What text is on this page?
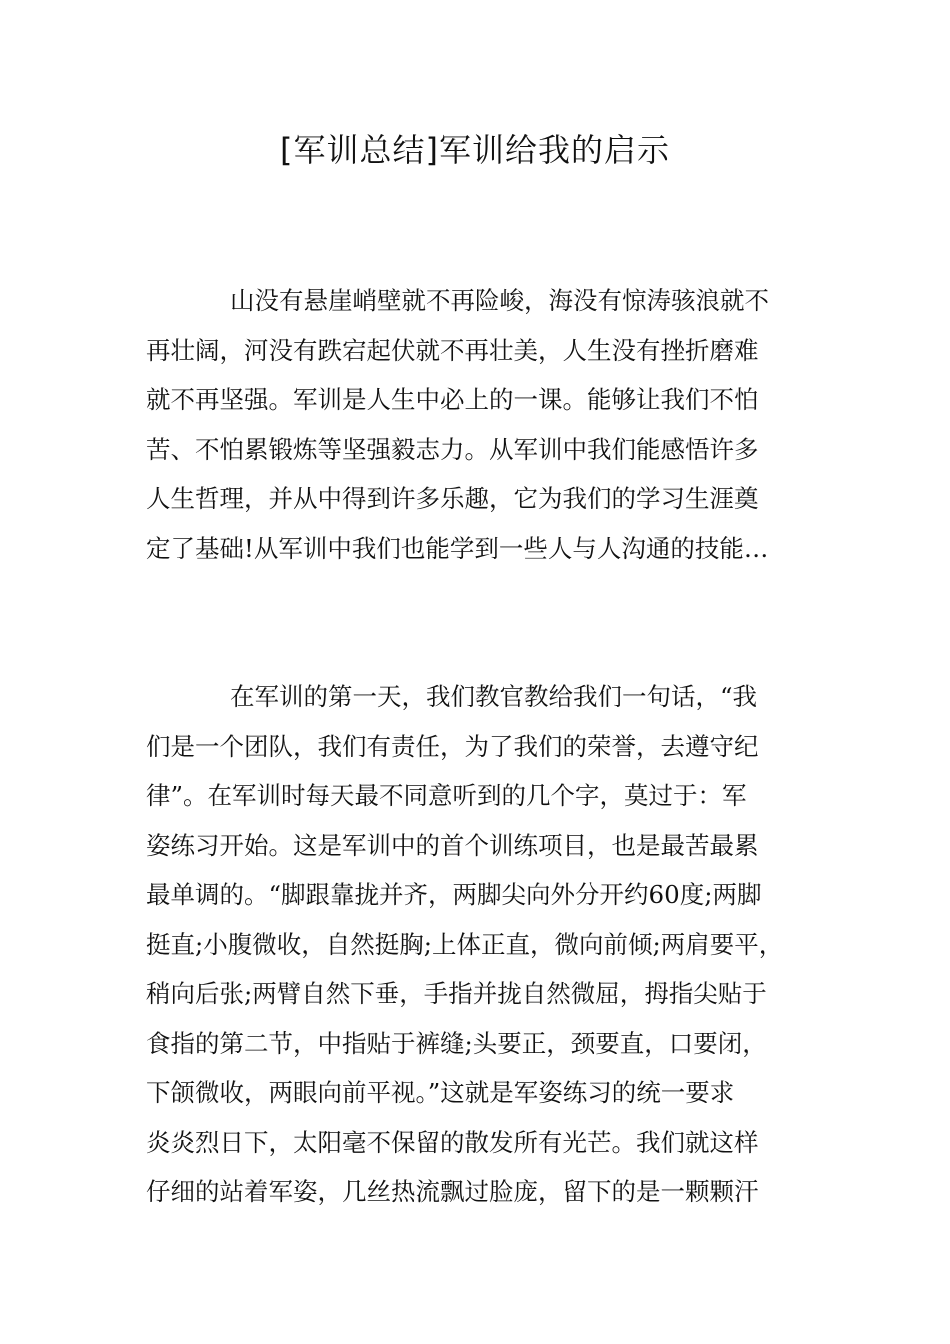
[军训总结]军训给我的启示
山没有悬崖峭壁就不再险峻，海没有惊涛骇浪就不
再壮阔，河没有跌宕起伏就不再壮美，人生没有挫折磨难
就不再坚强。军训是人生中必上的一课。能够让我们不怕
苦、不怕累锻炼等坚强毅志力。从军训中我们能感悟许多
人生哲理，并从中得到许多乐趣，它为我们的学习生涯奠
定了基础!从军训中我们也能学到一些人与人沟通的技能…
在军训的第一天，我们教官教给我们一句话，“我
们是一个团队，我们有责任，为了我们的荣誉，去遵守纪
律”。在军训时每天最不同意听到的几个字，莫过于：军
姿练习开始。这是军训中的首个训练项目，也是最苦最累
最单调的。“脚跟靠拢并齐，两脚尖向外分开约60度;两脚
挺直;小腹微收，自然挺胸;上体正直，微向前倾;两肩要平，
稍向后张;两臂自然下垂，手指并拢自然微屈，拇指尖贴于
食指的第二节，中指贴于裤缝;头要正，颈要直，口要闭，
下颌微收，两眼向前平视。”这就是军姿练习的统一要求
炎炎烈日下，太阳毫不保留的散发所有光芒。我们就这样
仔细的站着军姿，几丝热流飘过脸庞，留下的是一颗颗汗
